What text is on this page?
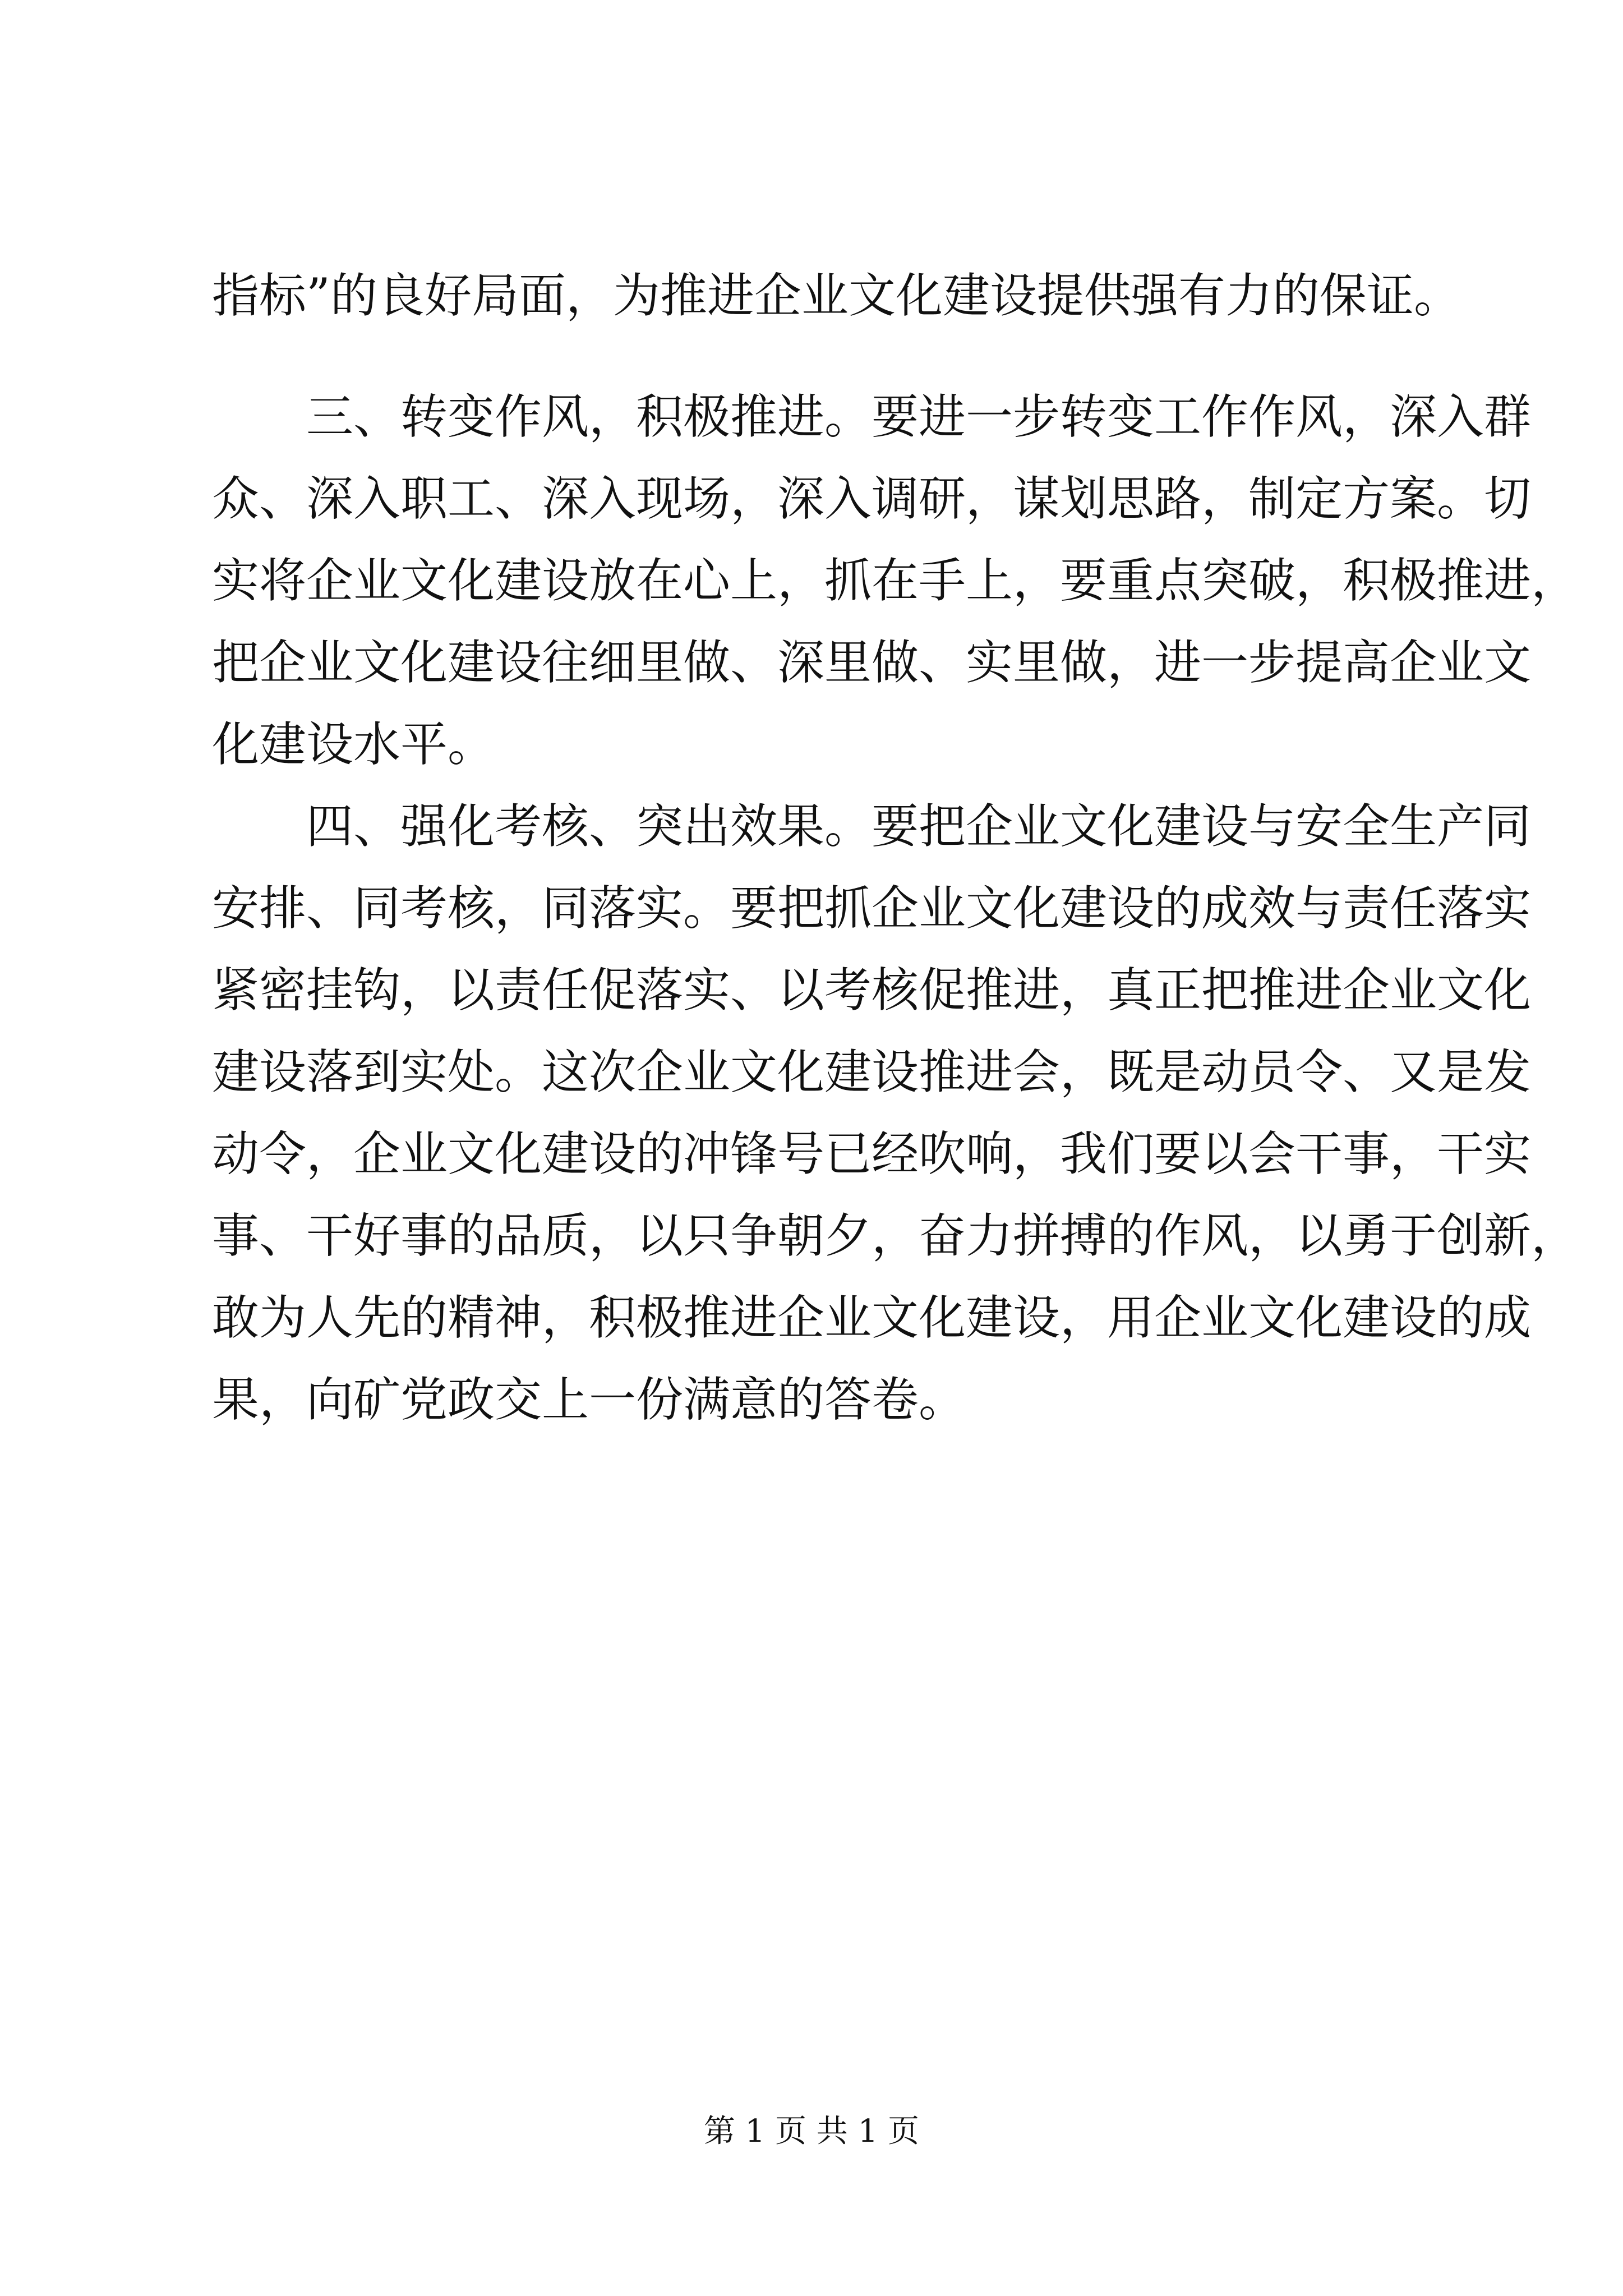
指标”的良好局面，为推进企业文化建设提供强有力的保证。
三、转变作风，积极推进。要进一步转变工作作风，深入群
众、深入职工、深入现场，深入调研，谋划思路，制定方案。切
实将企业文化建设放在心上，抓在手上，要重点突破，积极推进，
把企业文化建设往细里做、深里做、实里做，进一步提高企业文
化建设水平。
四、强化考核、突出效果。要把企业文化建设与安全生产同
安排、同考核，同落实。要把抓企业文化建设的成效与责任落实
紧密挂钩，以责任促落实、以考核促推进，真正把推进企业文化
建设落到实处。这次企业文化建设推进会，既是动员令、又是发
动令，企业文化建设的冲锋号已经吹响，我们要以会干事，干实
事、干好事的品质，以只争朝夕，奋力拼搏的作风，以勇于创新，
敢为人先的精神，积极推进企业文化建设，用企业文化建设的成
果，向矿党政交上一份满意的答卷。
第 1 页 共 1 页
